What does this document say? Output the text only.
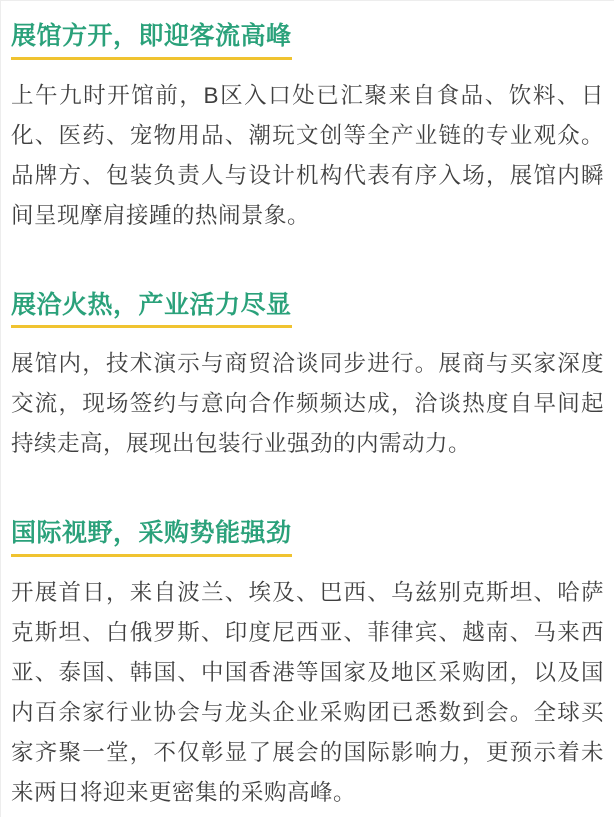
展馆方开，即迎客流高峰

上午九时开馆前，B区入口处已汇聚来自食品、饮料、日化、医药、宠物用品、潮玩文创等全产业链的专业观众。品牌方、包装负责人与设计机构代表有序入场，展馆内瞬间呈现摩肩接踵的热闹景象。

展洽火热，产业活力尽显

展馆内，技术演示与商贸洽谈同步进行。展商与买家深度交流，现场签约与意向合作频频达成，洽谈热度自早间起持续走高，展现出包装行业强劲的内需动力。

国际视野，采购势能强劲

开展首日，来自波兰、埃及、巴西、乌兹别克斯坦、哈萨克斯坦、白俄罗斯、印度尼西亚、菲律宾、越南、马来西亚、泰国、韩国、中国香港等国家及地区采购团，以及国内百余家行业协会与龙头企业采购团已悉数到会。全球买家齐聚一堂，不仅彰显了展会的国际影响力，更预示着未来两日将迎来更密集的采购高峰。
